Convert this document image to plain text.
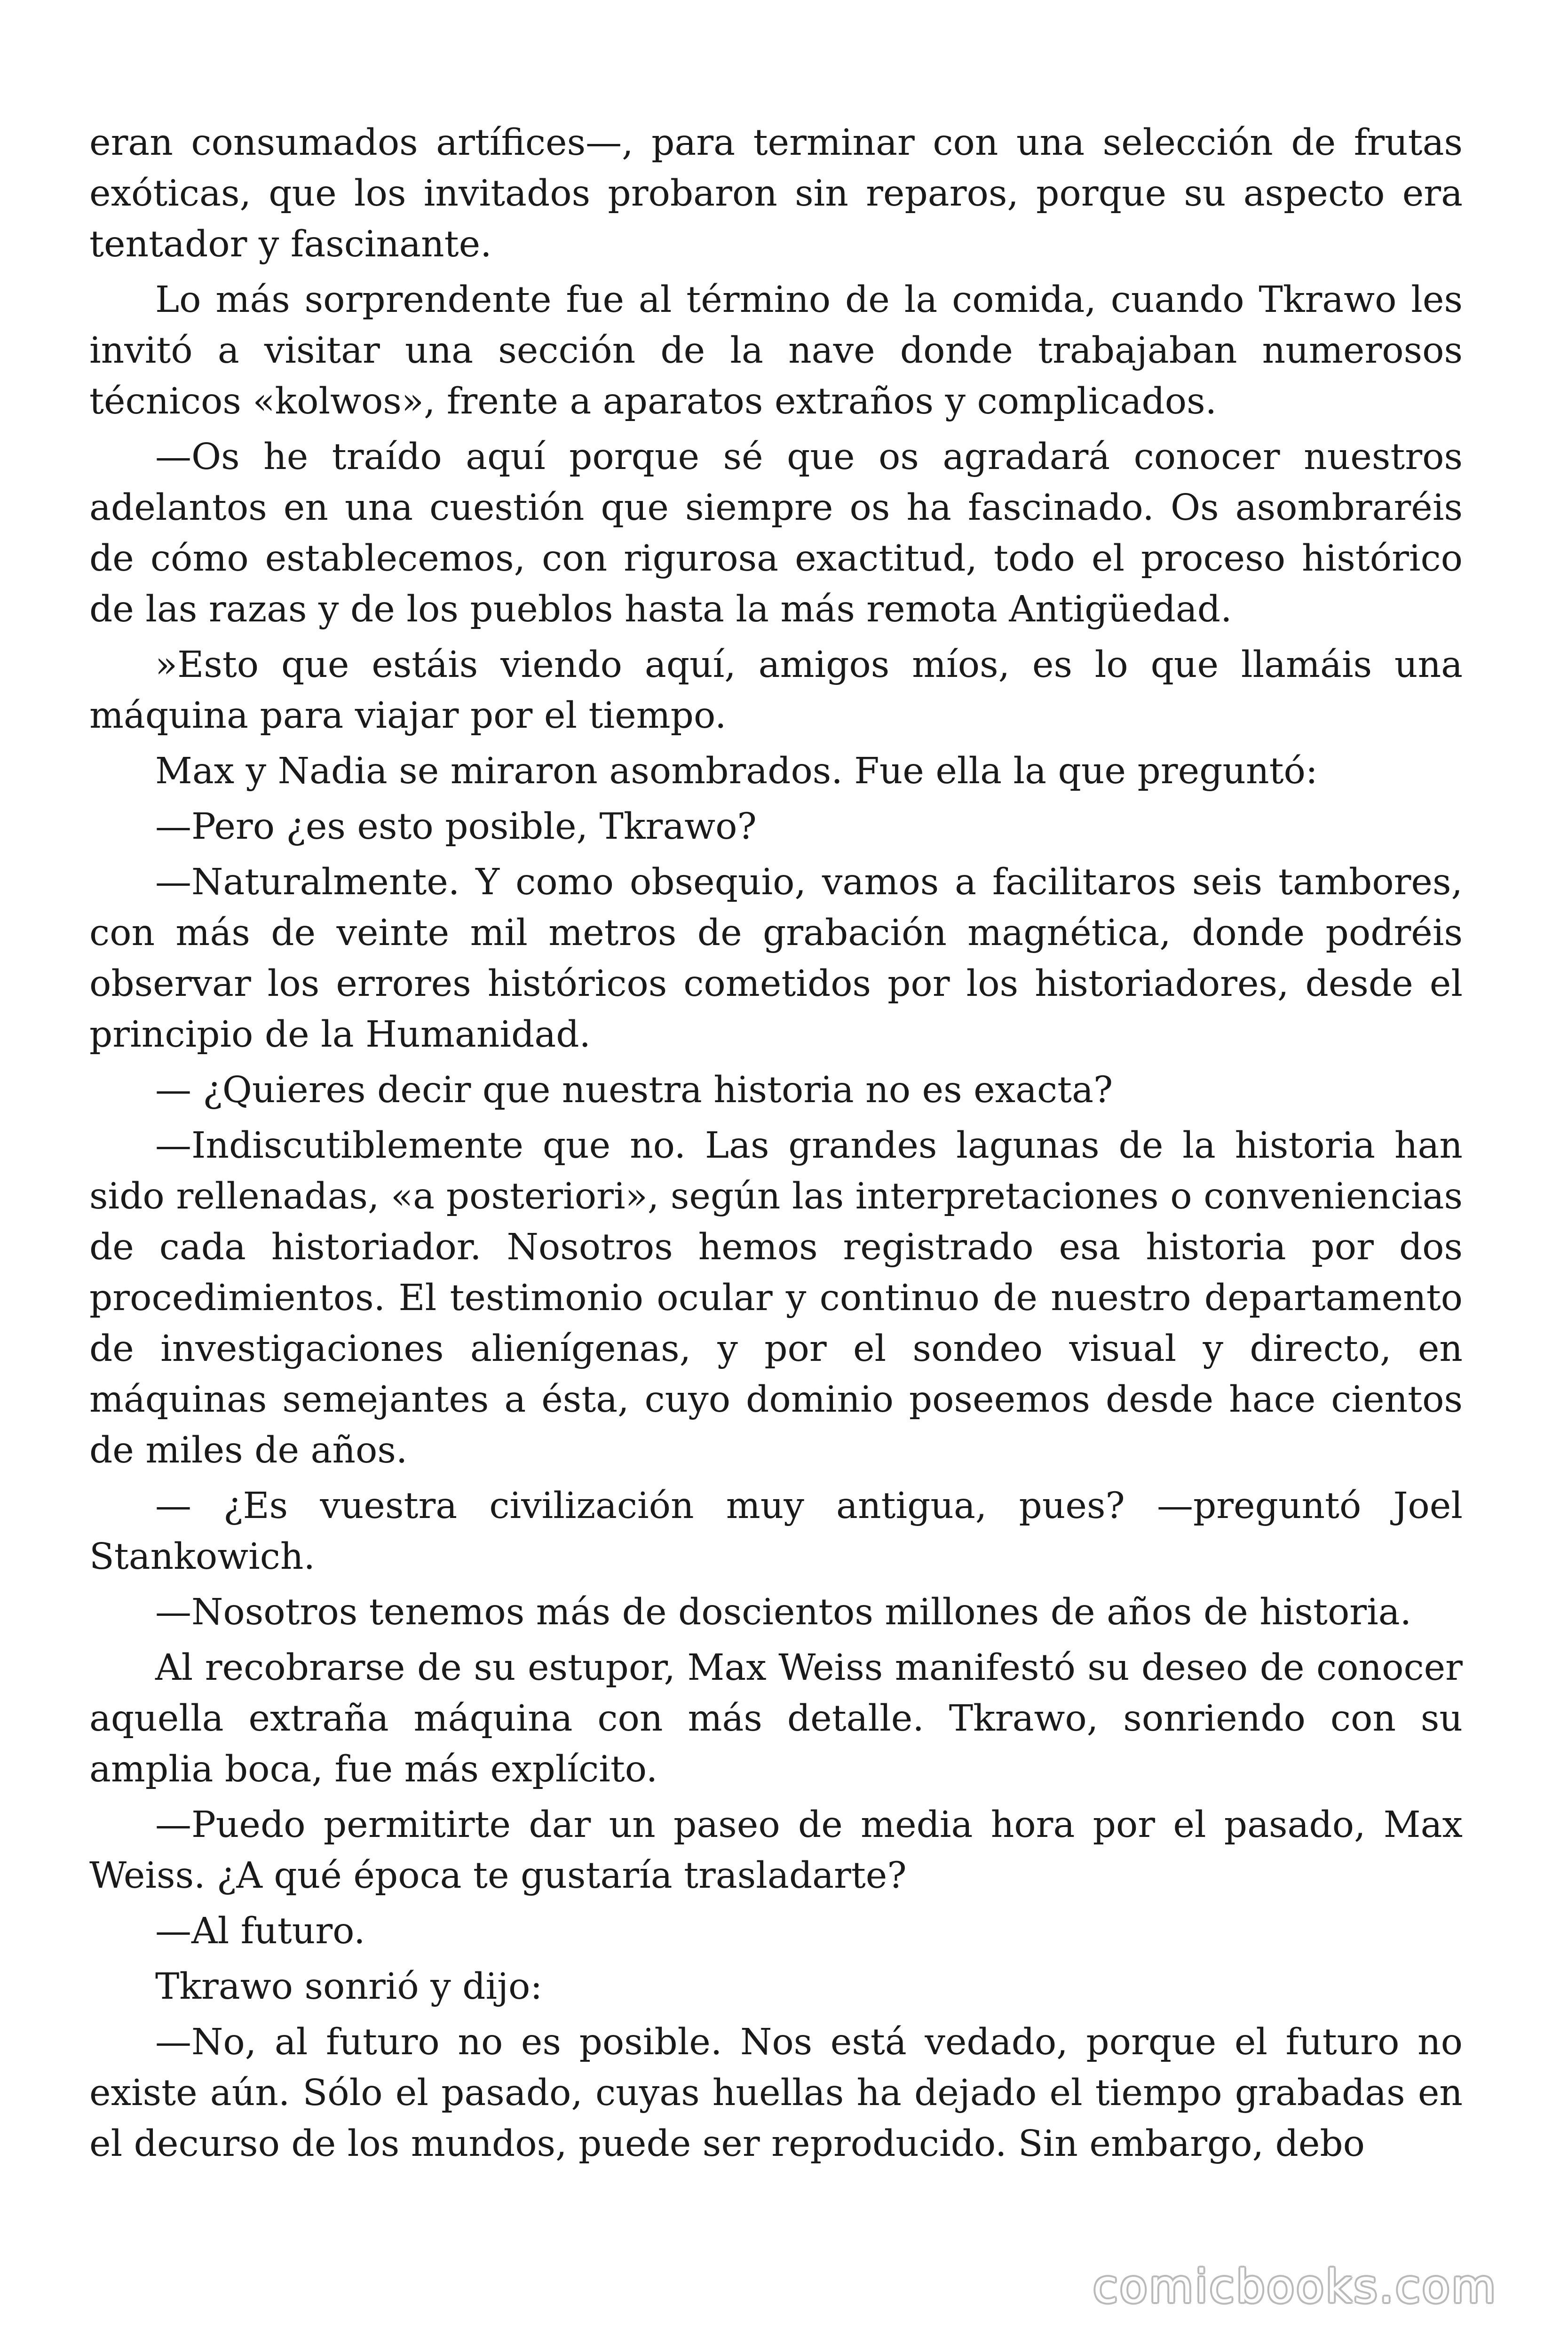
eran consumados artífices—, para terminar con una selección de frutas exóticas, que los invitados probaron sin reparos, porque su aspecto era tentador y fascinante.

Lo más sorprendente fue al término de la comida, cuando Tkrawo les invitó a visitar una sección de la nave donde trabajaban numerosos técnicos «kolwos», frente a aparatos extraños y complicados.

—Os he traído aquí porque sé que os agradará conocer nuestros adelantos en una cuestión que siempre os ha fascinado. Os asombraréis de cómo establecemos, con rigurosa exactitud, todo el proceso histórico de las razas y de los pueblos hasta la más remota Antigüedad.

»Esto que estáis viendo aquí, amigos míos, es lo que llamáis una máquina para viajar por el tiempo.

Max y Nadia se miraron asombrados. Fue ella la que preguntó:

—Pero ¿es esto posible, Tkrawo?

—Naturalmente. Y como obsequio, vamos a facilitaros seis tambores, con más de veinte mil metros de grabación magnética, donde podréis observar los errores históricos cometidos por los historiadores, desde el principio de la Humanidad.

— ¿Quieres decir que nuestra historia no es exacta?

—Indiscutiblemente que no. Las grandes lagunas de la historia han sido rellenadas, «a posteriori», según las interpretaciones o conveniencias de cada historiador. Nosotros hemos registrado esa historia por dos procedimientos. El testimonio ocular y continuo de nuestro departamento de investigaciones alienígenas, y por el sondeo visual y directo, en máquinas semejantes a ésta, cuyo dominio poseemos desde hace cientos de miles de años.

— ¿Es vuestra civilización muy antigua, pues? —preguntó Joel Stankowich.

—Nosotros tenemos más de doscientos millones de años de historia.

Al recobrarse de su estupor, Max Weiss manifestó su deseo de conocer aquella extraña máquina con más detalle. Tkrawo, sonriendo con su amplia boca, fue más explícito.

—Puedo permitirte dar un paseo de media hora por el pasado, Max Weiss. ¿A qué época te gustaría trasladarte?

—Al futuro.

Tkrawo sonrió y dijo:

—No, al futuro no es posible. Nos está vedado, porque el futuro no existe aún. Sólo el pasado, cuyas huellas ha dejado el tiempo grabadas en el decurso de los mundos, puede ser reproducido. Sin embargo, debo

comicbooks.com
